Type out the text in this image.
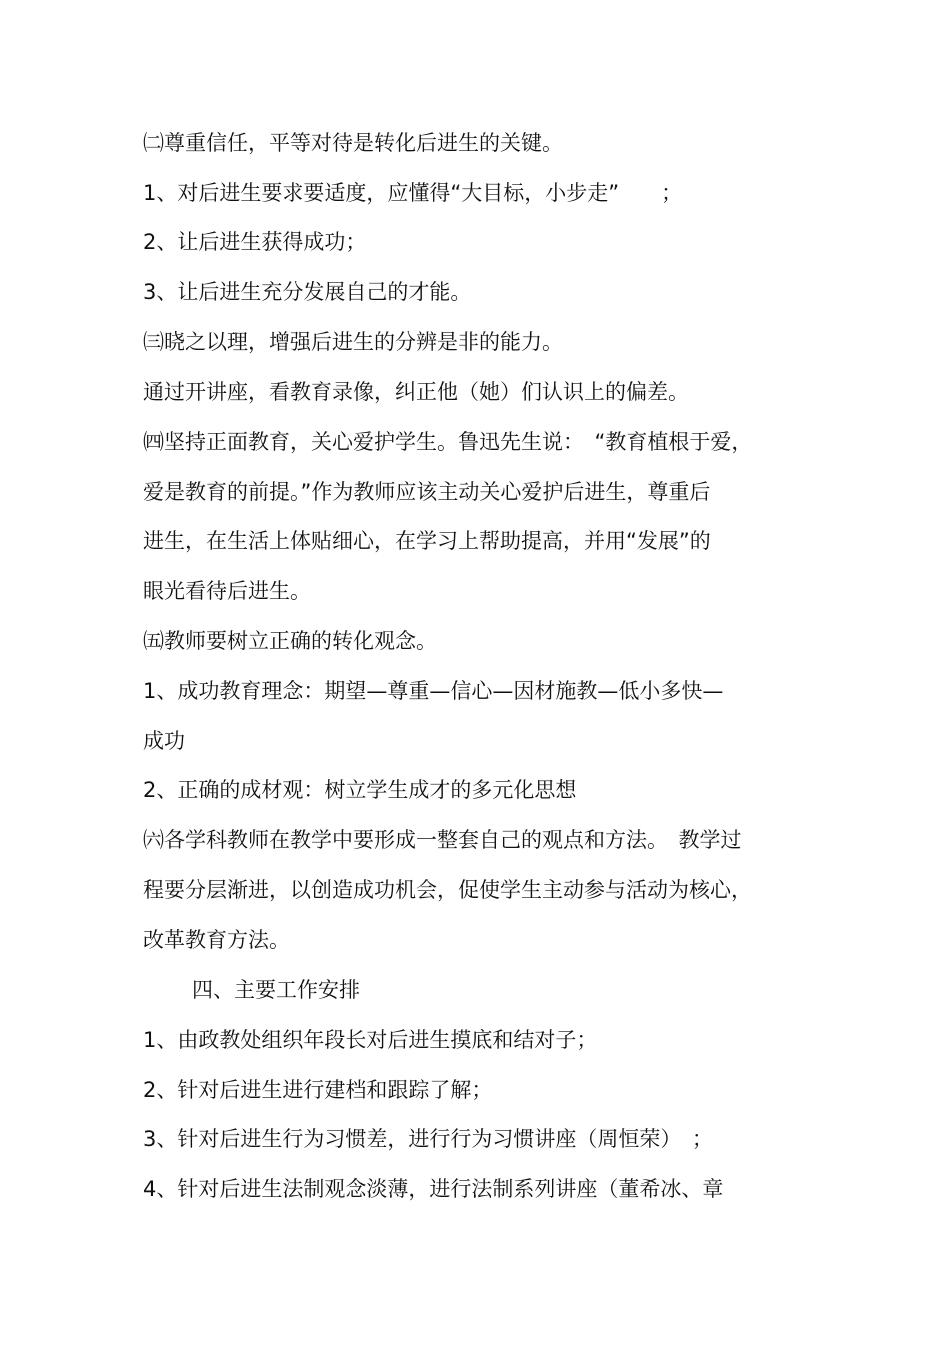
㈡尊重信任，平等对待是转化后进生的关键。

1、对后进生要求要适度，应懂得“大目标，小步走”　　；

2、让后进生获得成功；

3、让后进生充分发展自己的才能。

㈢晓之以理，增强后进生的分辨是非的能力。

通过开讲座，看教育录像，纠正他（她）们认识上的偏差。

㈣坚持正面教育，关心爱护学生。鲁迅先生说：　“教育植根于爱，

爱是教育的前提。”作为教师应该主动关心爱护后进生，尊重后

进生，在生活上体贴细心，在学习上帮助提高，并用“发展”的

眼光看待后进生。

㈤教师要树立正确的转化观念。

1、成功教育理念：期望—尊重—信心—因材施教—低小多快—

成功

2、正确的成材观：树立学生成才的多元化思想

㈥各学科教师在教学中要形成一整套自己的观点和方法。　教学过

程要分层渐进，以创造成功机会，促使学生主动参与活动为核心，

改革教育方法。

四、主要工作安排

1、由政教处组织年段长对后进生摸底和结对子；

2、针对后进生进行建档和跟踪了解；

3、针对后进生行为习惯差，进行行为习惯讲座（周恒荣）　；

4、针对后进生法制观念淡薄，进行法制系列讲座（董希冰、章
